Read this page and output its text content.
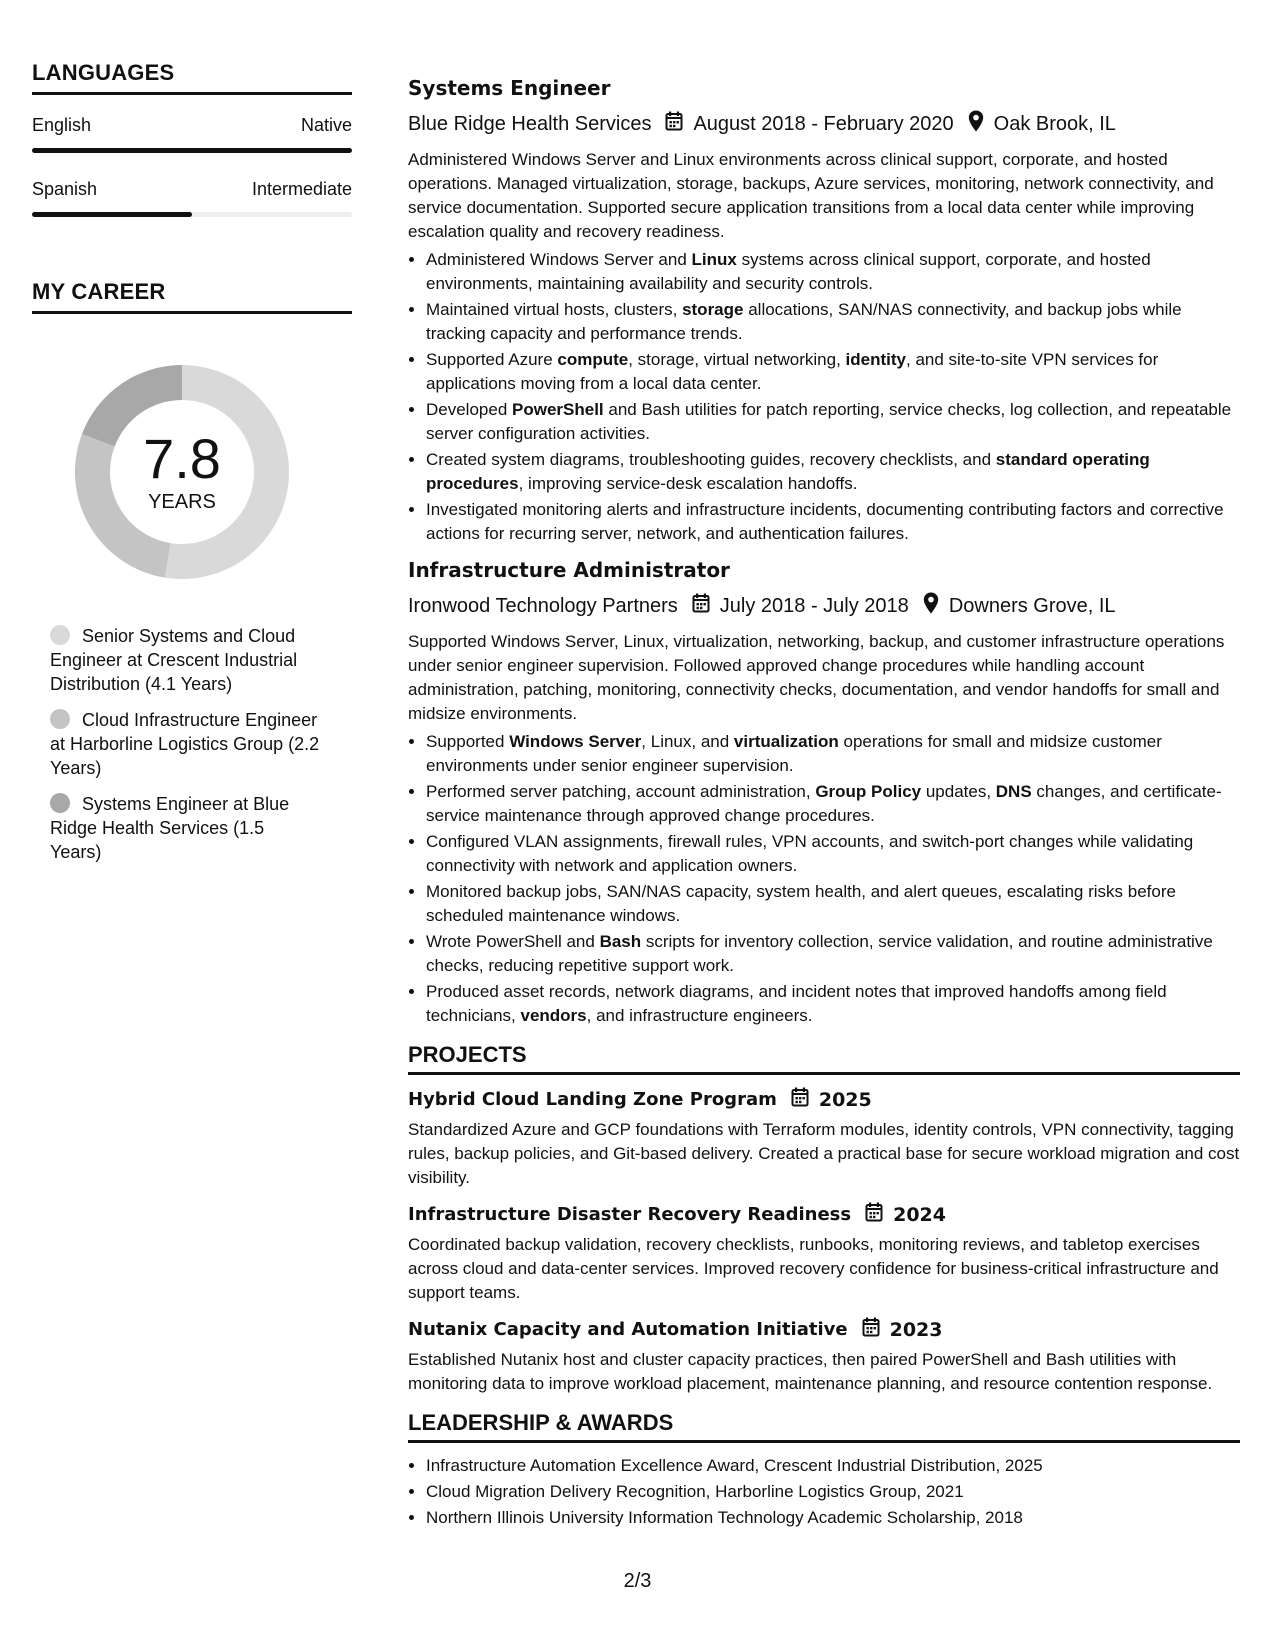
LANGUAGES
English	Native
Spanish	Intermediate
MY CAREER
7.8
YEARS
Senior Systems and Cloud Engineer at Crescent Industrial Distribution (4.1 Years)
Cloud Infrastructure Engineer at Harborline Logistics Group (2.2 Years)
Systems Engineer at Blue Ridge Health Services (1.5 Years)
Systems Engineer
Blue Ridge Health Services August 2018 - February 2020 Oak Brook, IL

Administered Windows Server and Linux environments across clinical support, corporate, and hosted operations. Managed virtualization, storage, backups, Azure services, monitoring, network connectivity, and service documentation. Supported secure application transitions from a local data center while improving escalation quality and recovery readiness.

• Administered Windows Server and Linux systems across clinical support, corporate, and hosted environments, maintaining availability and security controls.
• Maintained virtual hosts, clusters, storage allocations, SAN/NAS connectivity, and backup jobs while tracking capacity and performance trends.
• Supported Azure compute, storage, virtual networking, identity, and site-to-site VPN services for applications moving from a local data center.
• Developed PowerShell and Bash utilities for patch reporting, service checks, log collection, and repeatable server configuration activities.
• Created system diagrams, troubleshooting guides, recovery checklists, and standard operating procedures, improving service-desk escalation handoffs.
• Investigated monitoring alerts and infrastructure incidents, documenting contributing factors and corrective actions for recurring server, network, and authentication failures.
Infrastructure Administrator
Ironwood Technology Partners July 2018 - July 2018 Downers Grove, IL

Supported Windows Server, Linux, virtualization, networking, backup, and customer infrastructure operations under senior engineer supervision. Followed approved change procedures while handling account administration, patching, monitoring, connectivity checks, documentation, and vendor handoffs for small and midsize environments.

• Supported Windows Server, Linux, and virtualization operations for small and midsize customer environments under senior engineer supervision.
• Performed server patching, account administration, Group Policy updates, DNS changes, and certificate-service maintenance through approved change procedures.
• Configured VLAN assignments, firewall rules, VPN accounts, and switch-port changes while validating connectivity with network and application owners.
• Monitored backup jobs, SAN/NAS capacity, system health, and alert queues, escalating risks before scheduled maintenance windows.
• Wrote PowerShell and Bash scripts for inventory collection, service validation, and routine administrative checks, reducing repetitive support work.
• Produced asset records, network diagrams, and incident notes that improved handoffs among field technicians, vendors, and infrastructure engineers.
PROJECTS
Hybrid Cloud Landing Zone Program 2025

Standardized Azure and GCP foundations with Terraform modules, identity controls, VPN connectivity, tagging rules, backup policies, and Git-based delivery. Created a practical base for secure workload migration and cost visibility.

Infrastructure Disaster Recovery Readiness 2024

Coordinated backup validation, recovery checklists, runbooks, monitoring reviews, and tabletop exercises across cloud and data-center services. Improved recovery confidence for business-critical infrastructure and support teams.

Nutanix Capacity and Automation Initiative 2023

Established Nutanix host and cluster capacity practices, then paired PowerShell and Bash utilities with monitoring data to improve workload placement, maintenance planning, and resource contention response.

LEADERSHIP & AWARDS
• Infrastructure Automation Excellence Award, Crescent Industrial Distribution, 2025
• Cloud Migration Delivery Recognition, Harborline Logistics Group, 2021
• Northern Illinois University Information Technology Academic Scholarship, 2018
2/3
